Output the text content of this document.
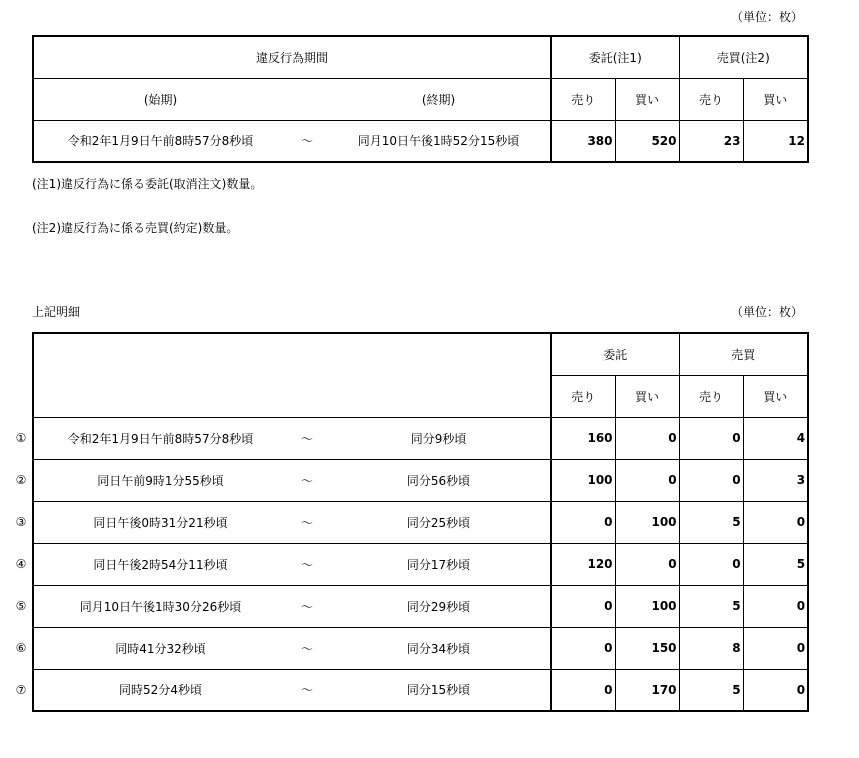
（単位：枚）
違反行為期間			委託(注1)		売買(注2)	
(始期)		(終期)	売り	買い	売り	買い
令和2年1月9日午前8時57分8秒頃	〜	同月10日午後1時52分15秒頃	380	520	23	12
(注1)違反行為に係る委託(取消注文)数量。
(注2)違反行為に係る売買(約定)数量。
上記明細	（単位：枚）
①
②
③
④
⑤
⑥
⑦
			委託		売買	
			売り	買い	売り	買い
令和2年1月9日午前8時57分8秒頃	〜	同分9秒頃	160	0	0	4
同日午前9時1分55秒頃	〜	同分56秒頃	100	0	0	3
同日午後0時31分21秒頃	〜	同分25秒頃	0	100	5	0
同日午後2時54分11秒頃	〜	同分17秒頃	120	0	0	5
同月10日午後1時30分26秒頃	〜	同分29秒頃	0	100	5	0
同時41分32秒頃	〜	同分34秒頃	0	150	8	0
同時52分4秒頃	〜	同分15秒頃	0	170	5	0
